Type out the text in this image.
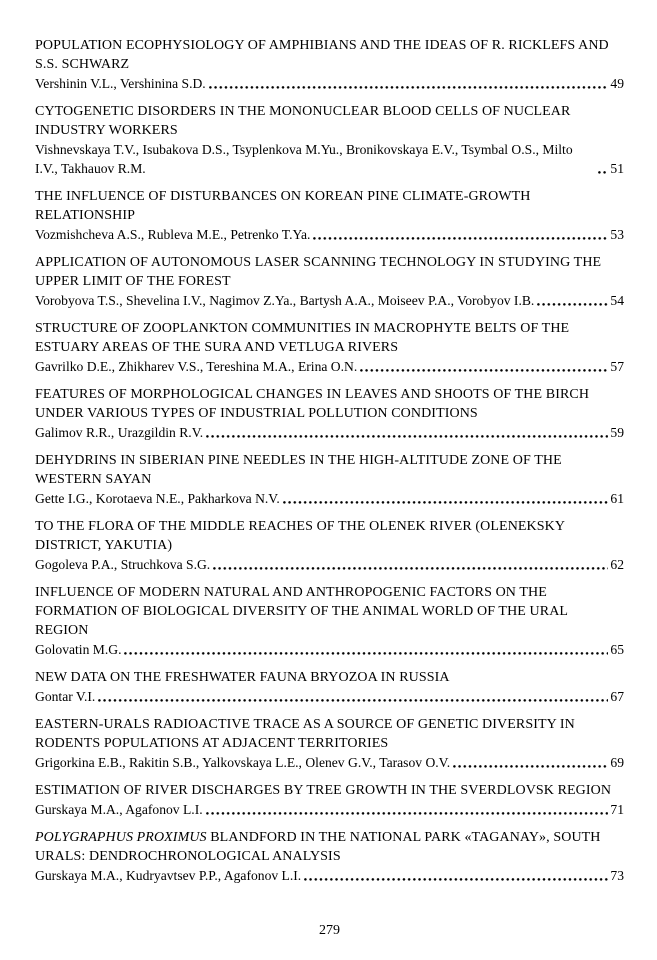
POPULATION ECOPHYSIOLOGY OF AMPHIBIANS AND THE IDEAS OF R. RICKLEFS AND S.S. SCHWARZ
Vershinin V.L., Vershinina S.D.	49
CYTOGENETIC DISORDERS IN THE MONONUCLEAR BLOOD CELLS OF NUCLEAR INDUSTRY WORKERS
Vishnevskaya T.V., Isubakova D.S., Tsyplenkova M.Yu., Bronikovskaya E.V., Tsymbal O.S., Milto I.V., Takhauov R.M.	51
THE INFLUENCE OF DISTURBANCES ON KOREAN PINE CLIMATE-GROWTH RELATIONSHIP
Vozmishcheva A.S., Rubleva M.E., Petrenko T.Ya.	53
APPLICATION OF AUTONOMOUS LASER SCANNING TECHNOLOGY IN STUDYING THE UPPER LIMIT OF THE FOREST
Vorobyova T.S., Shevelina I.V., Nagimov Z.Ya., Bartysh A.A., Moiseev P.A., Vorobyov I.B.	54
STRUCTURE OF ZOOPLANKTON COMMUNITIES IN MACROPHYTE BELTS OF THE ESTUARY AREAS OF THE SURA AND VETLUGA RIVERS
Gavrilko D.E., Zhikharev V.S., Tereshina M.A., Erina O.N.	57
FEATURES OF MORPHOLOGICAL CHANGES IN LEAVES AND SHOOTS OF THE BIRCH UNDER VARIOUS TYPES OF INDUSTRIAL POLLUTION CONDITIONS
Galimov R.R., Urazgildin R.V.	59
DEHYDRINS IN SIBERIAN PINE NEEDLES IN THE HIGH-ALTITUDE ZONE OF THE WESTERN SAYAN
Gette I.G., Korotaeva N.E., Pakharkova N.V.	61
TO THE FLORA OF THE MIDDLE REACHES OF THE OLENEK RIVER (OLENEKSKY DISTRICT, YAKUTIA)
Gogoleva P.A., Struchkova S.G.	62
INFLUENCE OF MODERN NATURAL AND ANTHROPOGENIC FACTORS ON THE FORMATION OF BIOLOGICAL DIVERSITY OF THE ANIMAL WORLD OF THE URAL REGION
Golovatin M.G.	65
NEW DATA ON THE FRESHWATER FAUNA BRYOZOA IN RUSSIA
Gontar V.I.	67
EASTERN-URALS RADIOACTIVE TRACE AS A SOURCE OF GENETIC DIVERSITY IN RODENTS POPULATIONS AT ADJACENT TERRITORIES
Grigorkina E.B., Rakitin S.B., Yalkovskaya L.E., Olenev G.V., Tarasov O.V.	69
ESTIMATION OF RIVER DISCHARGES BY TREE GROWTH IN THE SVERDLOVSK REGION
Gurskaya M.A., Agafonov L.I.	71
POLYGRAPHUS PROXIMUS BLANDFORD IN THE NATIONAL PARK «TAGANAY», SOUTH URALS: DENDROCHRONOLOGICAL ANALYSIS
Gurskaya M.A., Kudryavtsev P.P., Agafonov L.I.	73
279
